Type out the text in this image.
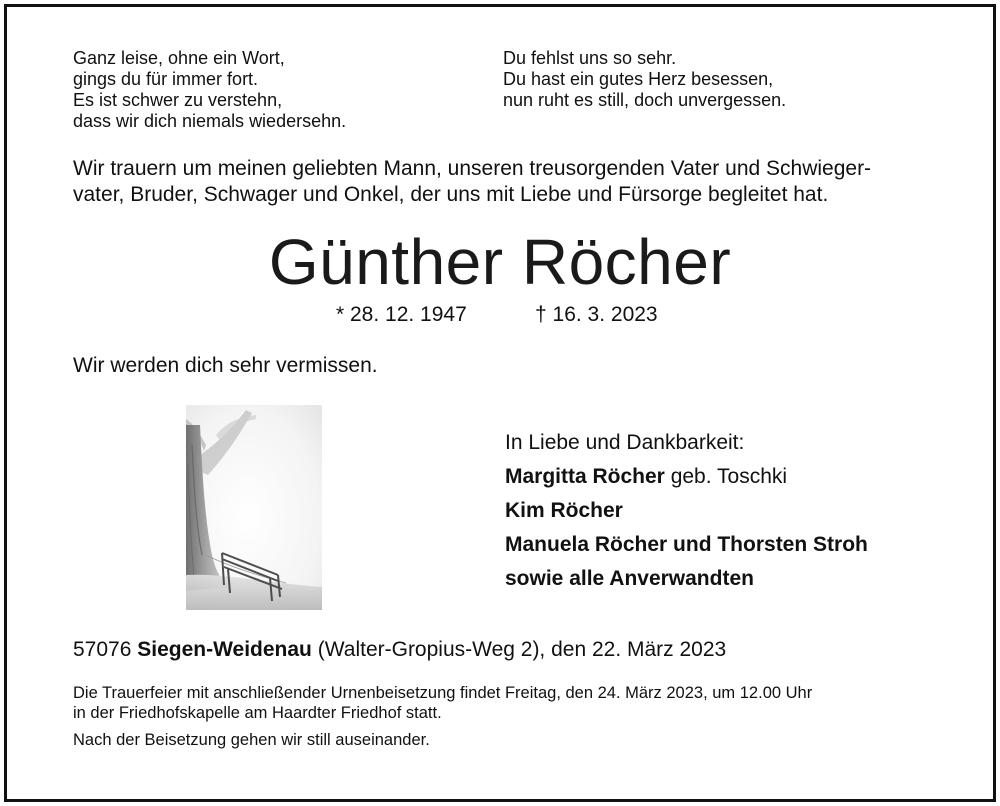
Ganz leise, ohne ein Wort,
gings du für immer fort.
Es ist schwer zu verstehn,
dass wir dich niemals wiedersehn.
Du fehlst uns so sehr.
Du hast ein gutes Herz besessen,
nun ruht es still, doch unvergessen.
Wir trauern um meinen geliebten Mann, unseren treusorgenden Vater und Schwieger-
vater, Bruder, Schwager und Onkel, der uns mit Liebe und Fürsorge begleitet hat.
Günther Röcher
* 28. 12. 1947	† 16. 3. 2023
Wir werden dich sehr vermissen.
In Liebe und Dankbarkeit:
Margitta Röcher geb. Toschki
Kim Röcher
Manuela Röcher und Thorsten Stroh
sowie alle Anverwandten
57076 Siegen-Weidenau (Walter-Gropius-Weg 2), den 22. März 2023
Die Trauerfeier mit anschließender Urnenbeisetzung findet Freitag, den 24. März 2023, um 12.00 Uhr
in der Friedhofskapelle am Haardter Friedhof statt.
Nach der Beisetzung gehen wir still auseinander.
